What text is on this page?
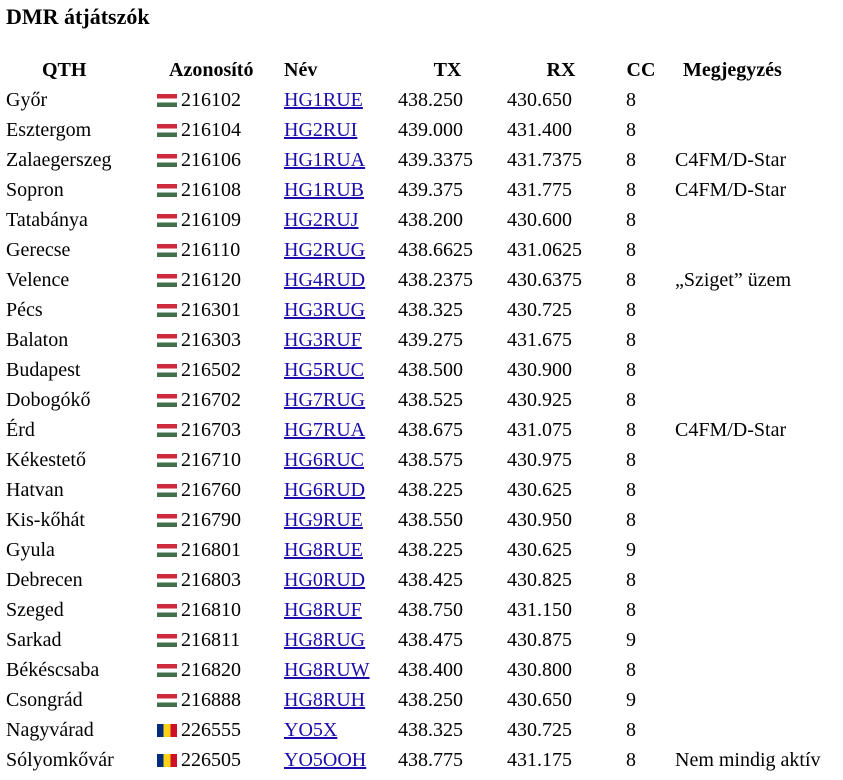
DMR átjátszók
QTH	Azonosító	Név	TX	RX	CC	Megjegyzés
Győr	216102	HG1RUE	438.250	430.650	8	
Esztergom	216104	HG2RUI	439.000	431.400	8	
Zalaegerszeg	216106	HG1RUA	439.3375	431.7375	8	C4FM/D-Star
Sopron	216108	HG1RUB	439.375	431.775	8	C4FM/D-Star
Tatabánya	216109	HG2RUJ	438.200	430.600	8	
Gerecse	216110	HG2RUG	438.6625	431.0625	8	
Velence	216120	HG4RUD	438.2375	430.6375	8	„Sziget” üzem
Pécs	216301	HG3RUG	438.325	430.725	8	
Balaton	216303	HG3RUF	439.275	431.675	8	
Budapest	216502	HG5RUC	438.500	430.900	8	
Dobogókő	216702	HG7RUG	438.525	430.925	8	
Érd	216703	HG7RUA	438.675	431.075	8	C4FM/D-Star
Kékestető	216710	HG6RUC	438.575	430.975	8	
Hatvan	216760	HG6RUD	438.225	430.625	8	
Kis-kőhát	216790	HG9RUE	438.550	430.950	8	
Gyula	216801	HG8RUE	438.225	430.625	9	
Debrecen	216803	HG0RUD	438.425	430.825	8	
Szeged	216810	HG8RUF	438.750	431.150	8	
Sarkad	216811	HG8RUG	438.475	430.875	9	
Békéscsaba	216820	HG8RUW	438.400	430.800	8	
Csongrád	216888	HG8RUH	438.250	430.650	9	
Nagyvárad	226555	YO5X	438.325	430.725	8	
Sólyomkővár	226505	YO5OOH	438.775	431.175	8	Nem mindig aktív
